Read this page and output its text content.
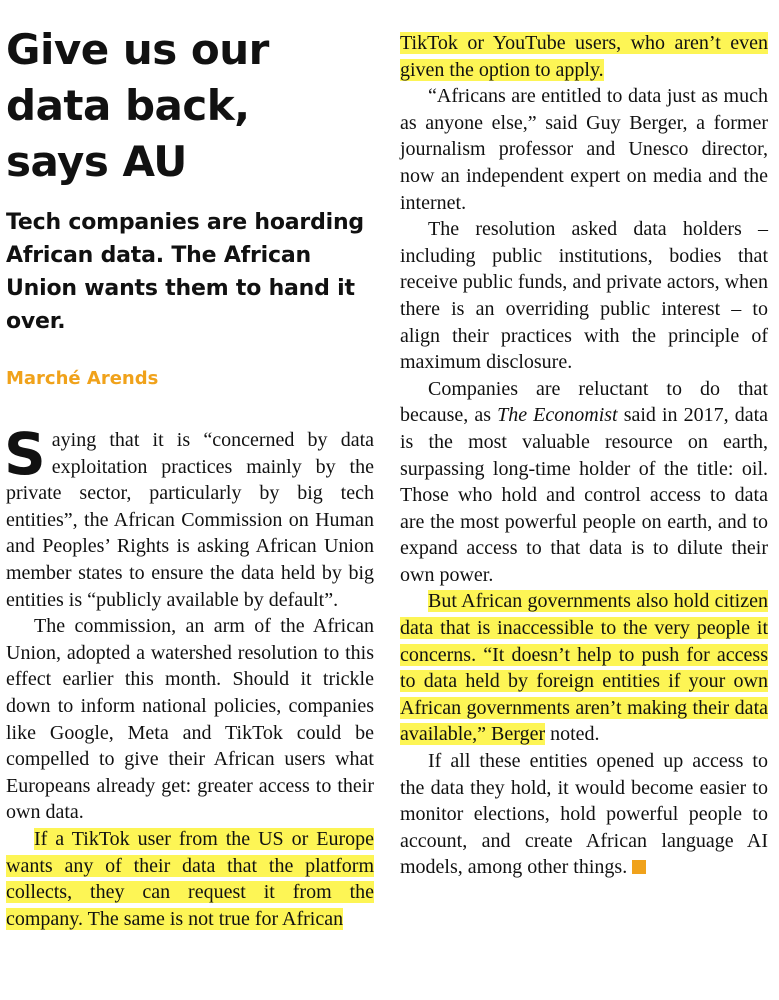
Give us our
data back,
says AU

Tech companies are hoarding African data. The African Union wants them to hand it over.

Marché Arends

Saying that it is “concerned by data exploitation practices mainly by the private sector, particularly by big tech entities”, the African Commission on Human and Peoples’ Rights is asking African Union member states to ensure the data held by big entities is “publicly available by default”.

The commission, an arm of the African Union, adopted a watershed resolution to this effect earlier this month. Should it trickle down to inform national policies, companies like Google, Meta and TikTok could be compelled to give their African users what Europeans already get: greater access to their own data.

If a TikTok user from the US or Europe wants any of their data that the platform collects, they can request it from the company. The same is not true for African

TikTok or YouTube users, who aren’t even given the option to apply.

“Africans are entitled to data just as much as anyone else,” said Guy Berger, a former journalism professor and Unesco director, now an independent expert on media and the internet.

The resolution asked data holders – including public institutions, bodies that receive public funds, and private actors, when there is an overriding public interest – to align their practices with the principle of maximum disclosure.

Companies are reluctant to do that because, as The Economist said in 2017, data is the most valuable resource on earth, surpassing long-time holder of the title: oil. Those who hold and control access to data are the most powerful people on earth, and to expand access to that data is to dilute their own power.

But African governments also hold citizen data that is inaccessible to the very people it concerns. “It doesn’t help to push for access to data held by foreign entities if your own African governments aren’t making their data available,” Berger noted.

If all these entities opened up access to the data they hold, it would become easier to monitor elections, hold powerful people to account, and create African language AI models, among other things.
